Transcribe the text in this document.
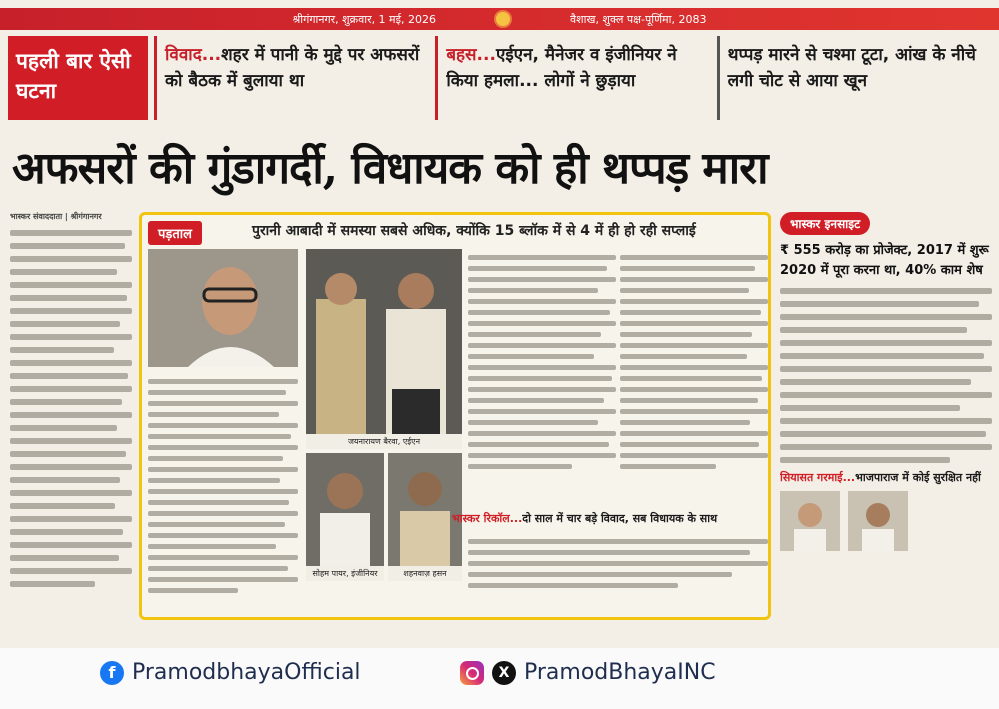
श्रीगंगानगर, शुक्रवार, 1 मई, 2026	वैशाख, शुक्ल पक्ष-पूर्णिमा, 2083
पहली बार ऐसी घटना
विवाद...शहर में पानी के मुद्दे पर अफसरों को बैठक में बुलाया था
बहस...एईएन, मैनेजर व इंजीनियर ने किया हमला... लोगों ने छुड़ाया
थप्पड़ मारने से चश्मा टूटा, आंख के नीचे लगी चोट से आया खून
अफसरों की गुंडागर्दी, विधायक को ही थप्पड़ मारा
भास्कर संवाददाता | श्रीगंगानगर
पड़ताल	पुरानी आबादी में समस्या सबसे अधिक, क्योंकि 15 ब्लॉक में से 4 में ही हो रही सप्लाई
जयनारायण बैरवा, एईएन
सोहम पायर, इंजीनियर	शहनवाज़ हसन
भास्कर रिकॉल...दो साल में चार बड़े विवाद, सब विधायक के साथ
भास्कर इनसाइट
₹ 555 करोड़ का प्रोजेक्ट, 2017 में शुरू 2020 में पूरा करना था, 40% काम शेष
सियासत गरमाई...भाजपाराज में कोई सुरक्षित नहीं
f PramodbhayaOfficial	X PramodBhayaINC
